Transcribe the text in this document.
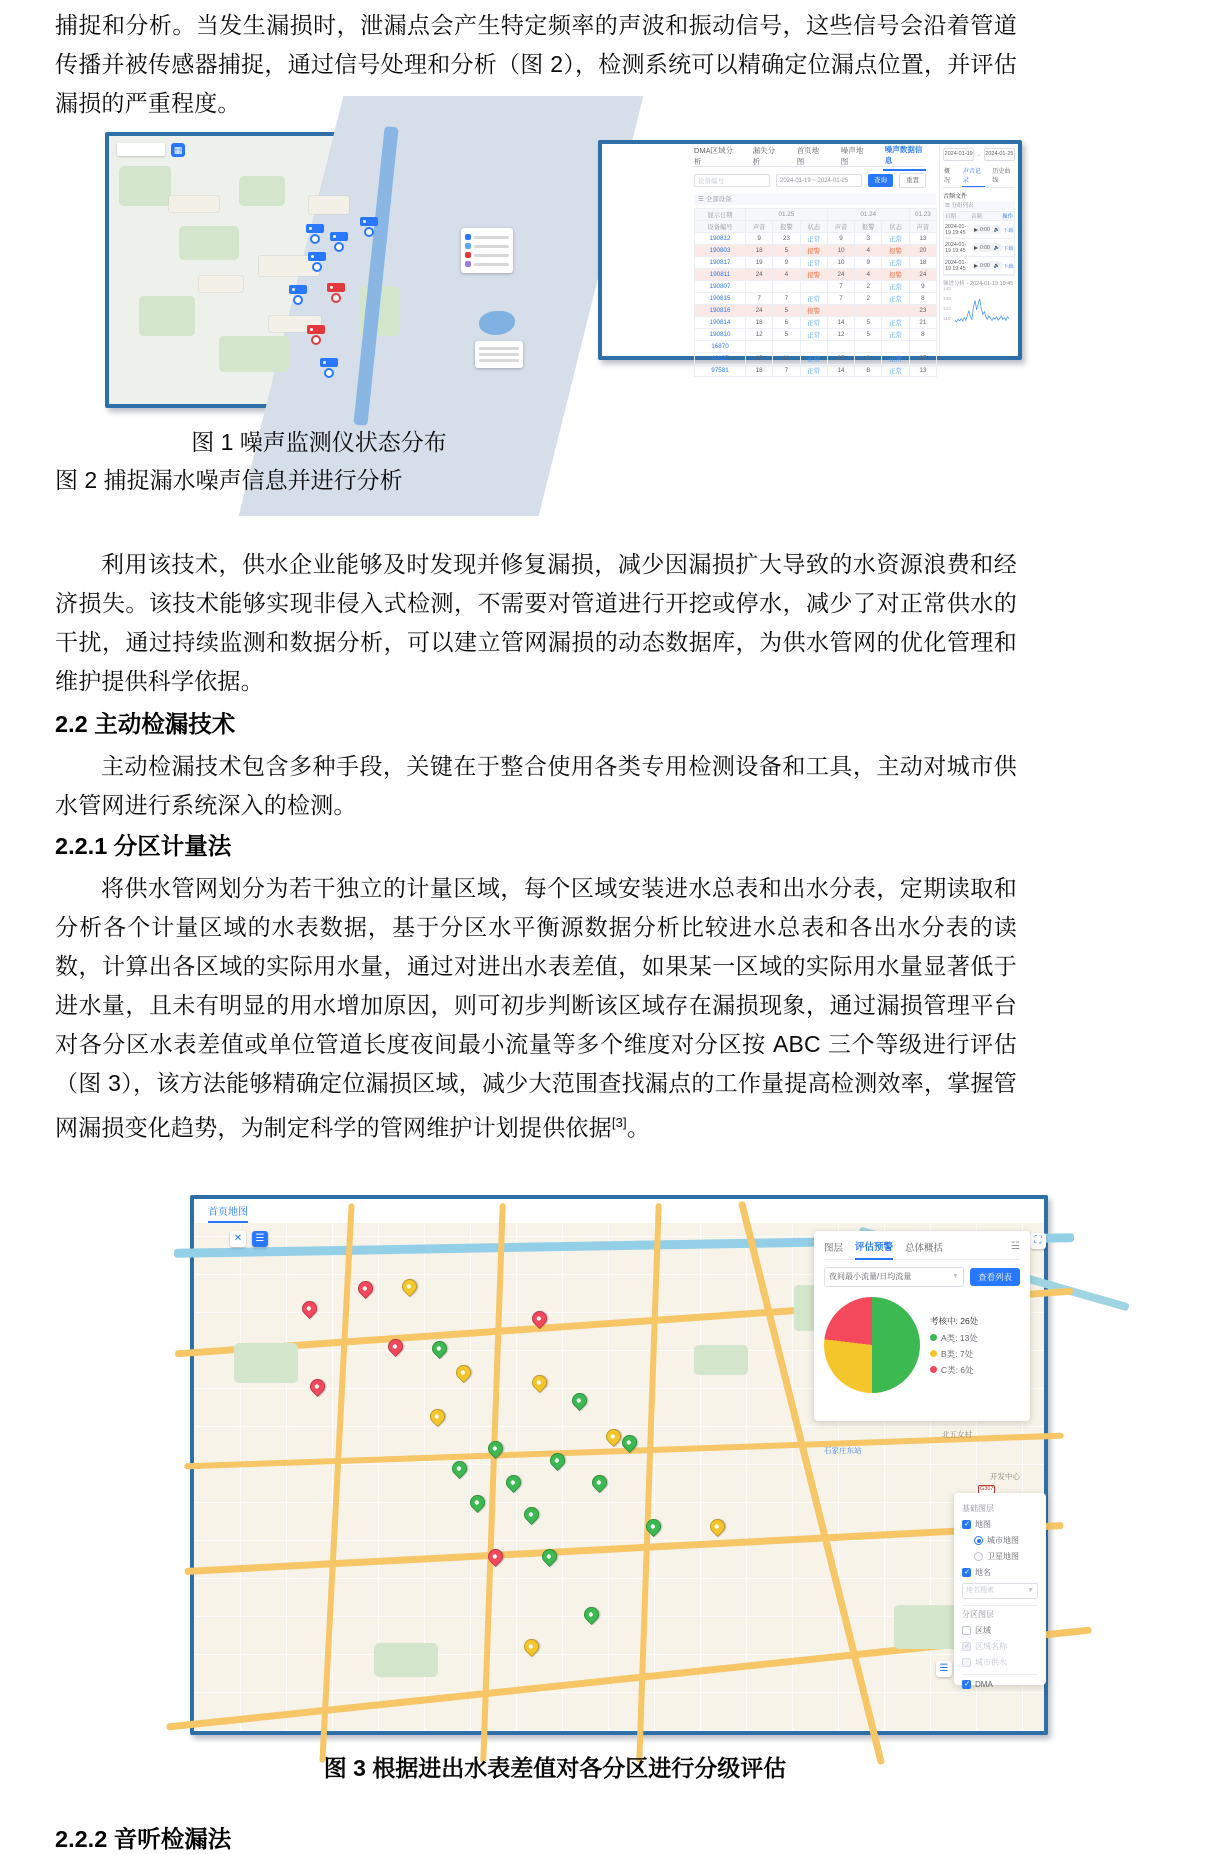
捕捉和分析。当发生漏损时，泄漏点会产生特定频率的声波和振动信号，这些信号会沿着管道传播并被传感器捕捉，通过信号处理和分析（图 2），检测系统可以精确定位漏点位置，并评估漏损的严重程度。
▦	DMA区域分析
漏失分析
首页地图
噪声地图
噪声数据信息
设备编号	2024-01-19 ~ 2024-01-25	查询	重置
☰ 全部设备
显示日期	01.25			01.24			01.23
设备编号	声音	报警	状态	声音	报警	状态	声音
190812	9	23	正常	9	3	正常	13
190803	18	5	报警	10	4	报警	20
190817	19	9	正常	10	9	正常	18
190811	24	4	报警	24	4	报警	24
190807				7	2	正常	9
190815	7	7	正常	7	2	正常	8
190816	24	5	报警				23
190814	18	6	正常	14	5	正常	21
190810	12	5	正常	12	5	正常	8
16870							
48127	15	11	正常	25	8	正常	27
97581	18	7	正常	14	8	正常	13
2024-01-19 → 2024-01-25
概况
声音记录
历史曲线
音频文件
☰ 分组列表
日期	音频	操作
2024-01-19 19:45	0:00 🔊 下载
2024-01-19 19:45	0:00 🔊 下载
2024-01-19 19:45	0:00 🔊 下载
频谱分析 - 2024-01-19 19:45
140
130
120
110
图 1 噪声监测仪状态分布
图 2 捕捉漏水噪声信息并进行分析
利用该技术，供水企业能够及时发现并修复漏损，减少因漏损扩大导致的水资源浪费和经济损失。该技术能够实现非侵入式检测，不需要对管道进行开挖或停水，减少了对正常供水的干扰，通过持续监测和数据分析，可以建立管网漏损的动态数据库，为供水管网的优化管理和维护提供科学依据。
2.2 主动检漏技术
主动检漏技术包含多种手段，关键在于整合使用各类专用检测设备和工具，主动对城市供水管网进行系统深入的检测。
2.2.1 分区计量法
将供水管网划分为若干独立的计量区域，每个区域安装进水总表和出水分表，定期读取和分析各个计量区域的水表数据，基于分区水平衡源数据分析比较进水总表和各出水分表的读数，计算出各区域的实际用水量，通过对进出水表差值，如果某一区域的实际用水量显著低于进水量，且未有明显的用水增加原因，则可初步判断该区域存在漏损现象，通过漏损管理平台对各分区水表差值或单位管道长度夜间最小流量等多个维度对分区按 ABC 三个等级进行评估（图 3），该方法能够精确定位漏损区域，减少大范围查找漏点的工作量提高检测效率，掌握管网漏损变化趋势，为制定科学的管网维护计划提供依据[3]。
首页地图
石家庄东站
北五女村
开发中心
G307
✕	☰	⛶
☰
图层 评估预警 总体概括	☱
夜间最小流量/日均流量	▼	查看列表
考核中: 26处
A类: 13处
B类: 7处
C类: 6处
基础图层
✓
地图
城市地图
卫星地图
✓
地名
地名搜索	▼
分区图层
区域
✓
区域名称
城市供水
✓
DMA
图 3 根据进出水表差值对各分区进行分级评估
2.2.2 音听检漏法
